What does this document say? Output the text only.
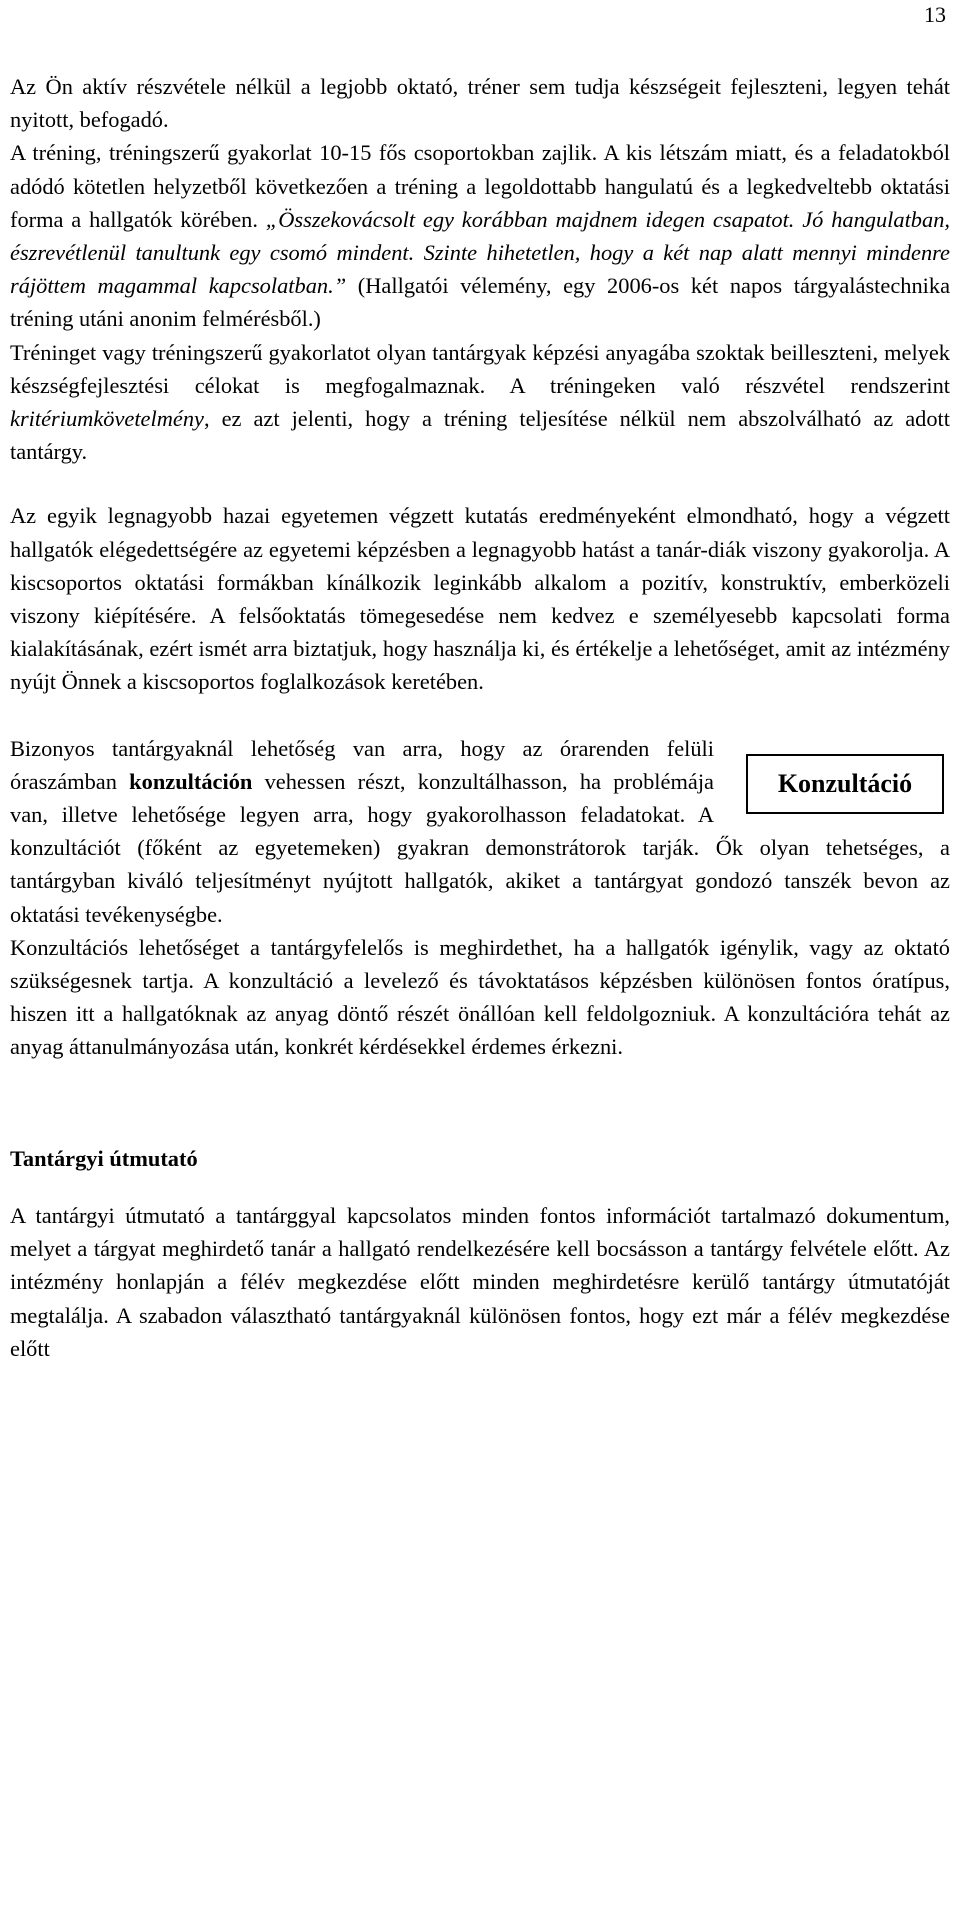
13

Az Ön aktív részvétele nélkül a legjobb oktató, tréner sem tudja készségeit fejleszteni, legyen tehát nyitott, befogadó.

A tréning, tréningszerű gyakorlat 10-15 fős csoportokban zajlik. A kis létszám miatt, és a feladatokból adódó kötetlen helyzetből következően a tréning a legoldottabb hangulatú és a legkedveltebb oktatási forma a hallgatók körében. „Összekovácsolt egy korábban majdnem idegen csapatot. Jó hangulatban, észrevétlenül tanultunk egy csomó mindent. Szinte hihetetlen, hogy a két nap alatt mennyi mindenre rájöttem magammal kapcsolatban.” (Hallgatói vélemény, egy 2006-os két napos tárgyalástechnika tréning utáni anonim felmérésből.)

Tréninget vagy tréningszerű gyakorlatot olyan tantárgyak képzési anyagába szoktak beilleszteni, melyek készségfejlesztési célokat is megfogalmaznak. A tréningeken való részvétel rendszerint kritériumkövetelmény, ez azt jelenti, hogy a tréning teljesítése nélkül nem abszolválható az adott tantárgy.

Az egyik legnagyobb hazai egyetemen végzett kutatás eredményeként elmondható, hogy a végzett hallgatók elégedettségére az egyetemi képzésben a legnagyobb hatást a tanár-diák viszony gyakorolja. A kiscsoportos oktatási formákban kínálkozik leginkább alkalom a pozitív, konstruktív, emberközeli viszony kiépítésére. A felsőoktatás tömegesedése nem kedvez e személyesebb kapcsolati forma kialakításának, ezért ismét arra biztatjuk, hogy használja ki, és értékelje a lehetőséget, amit az intézmény nyújt Önnek a kiscsoportos foglalkozások keretében.

Konzultáció

Bizonyos tantárgyaknál lehetőség van arra, hogy az órarenden felüli óraszámban konzultáción vehessen részt, konzultálhasson, ha problémája van, illetve lehetősége legyen arra, hogy gyakorolhasson feladatokat. A konzultációt (főként az egyetemeken) gyakran demonstrátorok tarják. Ők olyan tehetséges, a tantárgyban kiváló teljesítményt nyújtott hallgatók, akiket a tantárgyat gondozó tanszék bevon az oktatási tevékenységbe.

Konzultációs lehetőséget a tantárgyfelelős is meghirdethet, ha a hallgatók igénylik, vagy az oktató szükségesnek tartja. A konzultáció a levelező és távoktatásos képzésben különösen fontos óratípus, hiszen itt a hallgatóknak az anyag döntő részét önállóan kell feldolgozniuk. A konzultációra tehát az anyag áttanulmányozása után, konkrét kérdésekkel érdemes érkezni.

Tantárgyi útmutató

A tantárgyi útmutató a tantárggyal kapcsolatos minden fontos információt tartalmazó dokumentum, melyet a tárgyat meghirdető tanár a hallgató rendelkezésére kell bocsásson a tantárgy felvétele előtt. Az intézmény honlapján a félév megkezdése előtt minden meghirdetésre kerülő tantárgy útmutatóját megtalálja. A szabadon választható tantárgyaknál különösen fontos, hogy ezt már a félév megkezdése előtt
